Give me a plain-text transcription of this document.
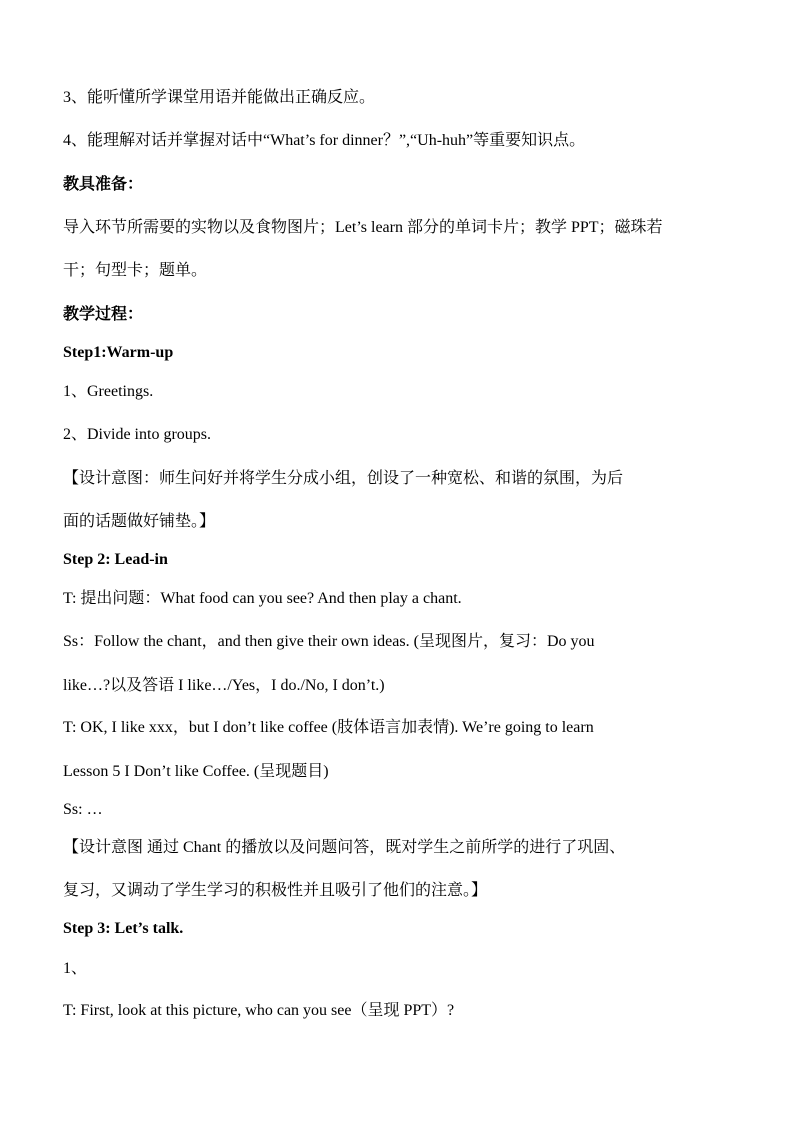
3、能听懂所学课堂用语并能做出正确反应。
4、能理解对话并掌握对话中“What’s for dinner？”,“Uh-huh”等重要知识点。
教具准备：
导入环节所需要的实物以及食物图片；Let’s learn 部分的单词卡片；教学 PPT；磁珠若
干；句型卡；题单。
教学过程：
Step1:Warm-up
1、Greetings.
2、Divide into groups.
【设计意图：师生问好并将学生分成小组，创设了一种宽松、和谐的氛围，为后
面的话题做好铺垫。】
Step 2: Lead-in
T: 提出问题：What food can you see? And then play a chant.
Ss：Follow the chant，and then give their own ideas. (呈现图片，复习：Do you
like…?以及答语 I like…/Yes，I do./No, I don’t.)
T: OK, I like xxx，but I don’t like coffee (肢体语言加表情). We’re going to learn
Lesson 5 I Don’t like Coffee. (呈现题目)
Ss: …
【设计意图 通过 Chant 的播放以及问题问答，既对学生之前所学的进行了巩固、
复习，又调动了学生学习的积极性并且吸引了他们的注意。】
Step 3: Let’s talk.
1、
T: First, look at this picture, who can you see（呈现 PPT）?
